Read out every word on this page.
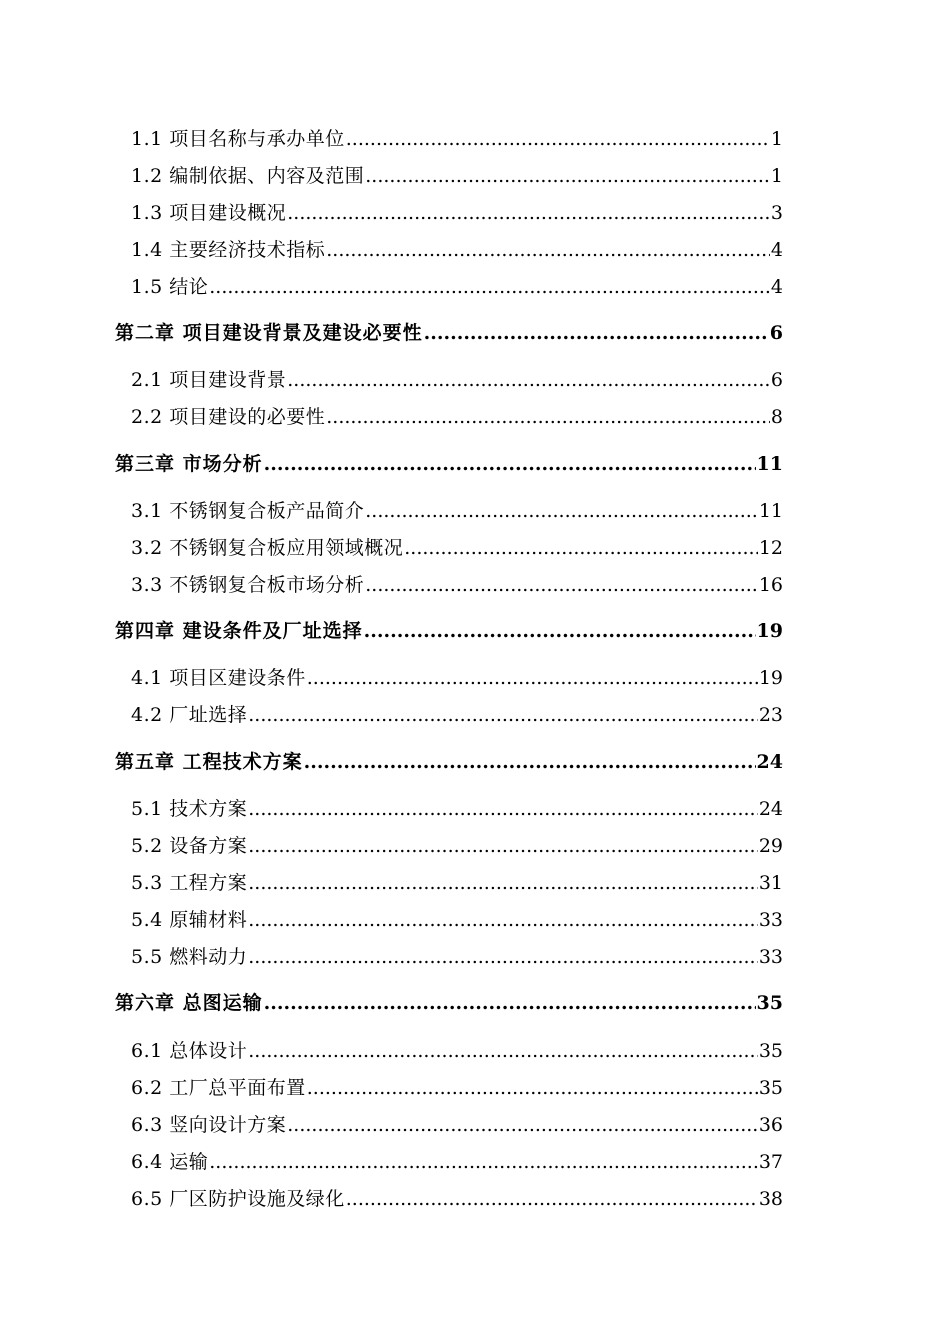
1.1 项目名称与承办单位 .....	1
1.2 编制依据、内容及范围 .....	1
1.3 项目建设概况 .....	3
1.4 主要经济技术指标 .....	4
1.5 结论 .....	4
第二章 项目建设背景及建设必要性 .....	6
2.1 项目建设背景 .....	6
2.2 项目建设的必要性 .....	8
第三章 市场分析 .....	11
3.1 不锈钢复合板产品简介 .....	11
3.2 不锈钢复合板应用领域概况 .....	12
3.3 不锈钢复合板市场分析 .....	16
第四章 建设条件及厂址选择 .....	19
4.1 项目区建设条件 .....	19
4.2 厂址选择 .....	23
第五章 工程技术方案 .....	24
5.1 技术方案 .....	24
5.2 设备方案 .....	29
5.3 工程方案 .....	31
5.4 原辅材料 .....	33
5.5 燃料动力 .....	33
第六章 总图运输 .....	35
6.1 总体设计 .....	35
6.2 工厂总平面布置 .....	35
6.3 竖向设计方案 .....	36
6.4 运输 .....	37
6.5 厂区防护设施及绿化 .....	38
